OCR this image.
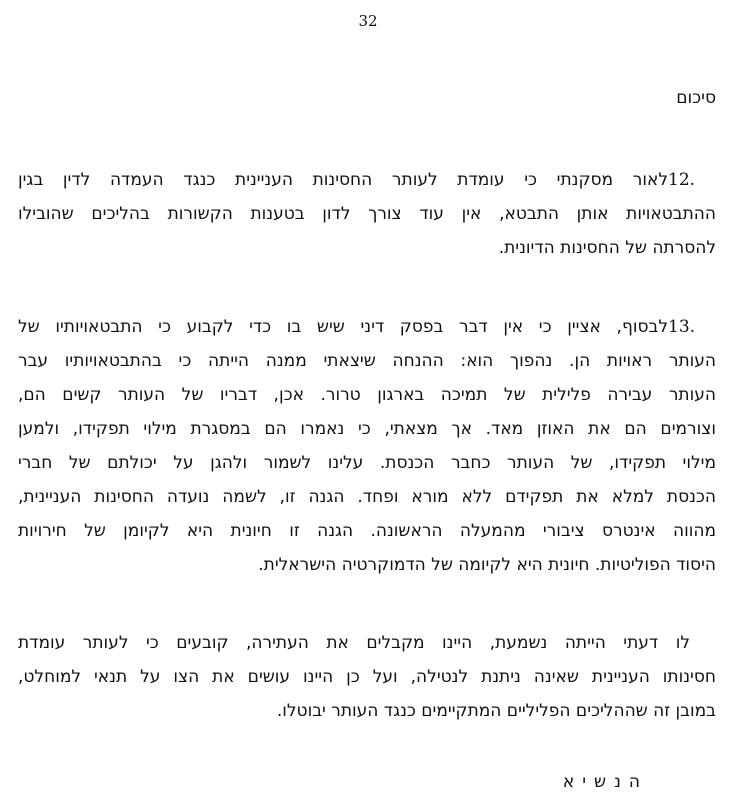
32
סיכום
12.לאור מסקנתי כי עומדת לעותר החסינות העניינית כנגד העמדה לדין בגין
ההתבטאויות אותן התבטא, אין עוד צורך לדון בטענות הקשורות בהליכים שהובילו
להסרתה של החסינות הדיונית.
13.לבסוף, אציין כי אין דבר בפסק דיני שיש בו כדי לקבוע כי התבטאויותיו של
העותר ראויות הן. נהפוך הוא: ההנחה שיצאתי ממנה הייתה כי בהתבטאויותיו עבר
העותר עבירה פלילית של תמיכה בארגון טרור. אכן, דבריו של העותר קשים הם,
וצורמים הם את האוזן מאד. אך מצאתי, כי נאמרו הם במסגרת מילוי תפקידו, ולמען
מילוי תפקידו, של העותר כחבר הכנסת. עלינו לשמור ולהגן על יכולתם של חברי
הכנסת למלא את תפקידם ללא מורא ופחד. הגנה זו, לשמה נועדה החסינות העניינית,
מהווה אינטרס ציבורי מהמעלה הראשונה. הגנה זו חיונית היא לקיומן של חירויות
היסוד הפוליטיות. חיונית היא לקיומה של הדמוקרטיה הישראלית.
לו דעתי הייתה נשמעת, היינו מקבלים את העתירה, קובעים כי לעותר עומדת
חסינותו העניינית שאינה ניתנת לנטילה, ועל כן היינו עושים את הצו על תנאי למוחלט,
במובן זה שההליכים הפליליים המתקיימים כנגד העותר יבוטלו.
הנשיא
